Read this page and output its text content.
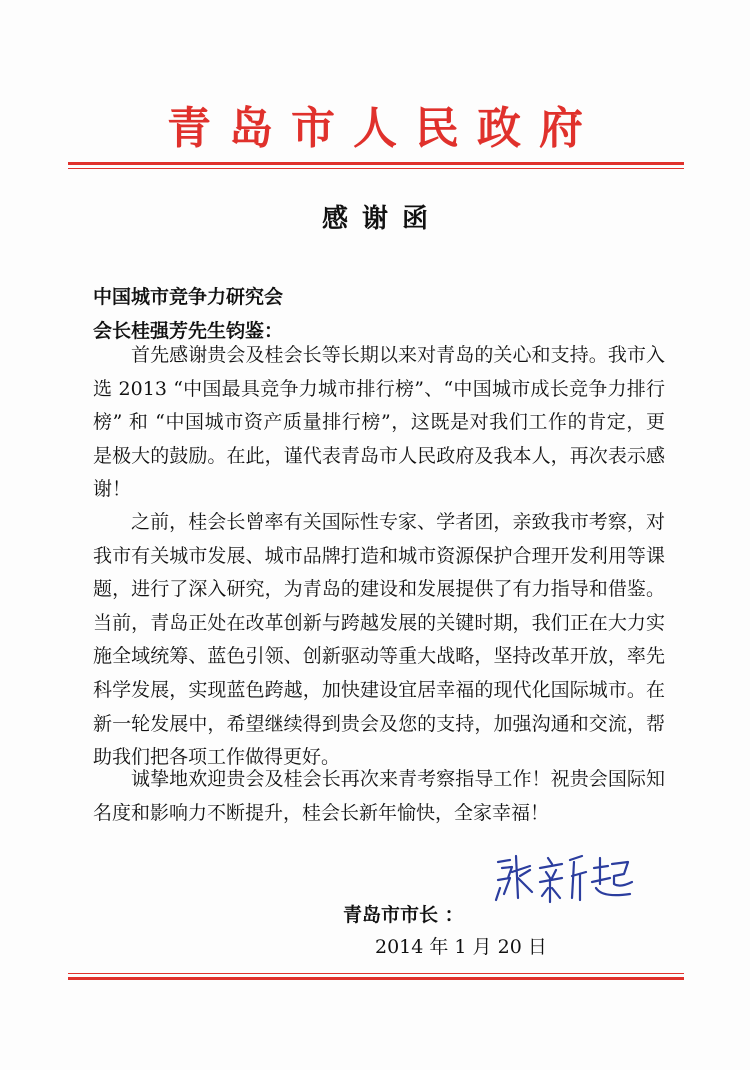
青岛市人民政府
感谢函
中国城市竞争力研究会
会长桂强芳先生钧鉴：

首先感谢贵会及桂会长等长期以来对青岛的关心和支持。我市入选 2013 “中国最具竞争力城市排行榜”、“中国城市成长竞争力排行榜” 和 “中国城市资产质量排行榜”，这既是对我们工作的肯定，更是极大的鼓励。在此，谨代表青岛市人民政府及我本人，再次表示感谢！

之前，桂会长曾率有关国际性专家、学者团，亲致我市考察，对我市有关城市发展、城市品牌打造和城市资源保护合理开发利用等课题，进行了深入研究，为青岛的建设和发展提供了有力指导和借鉴。当前，青岛正处在改革创新与跨越发展的关键时期，我们正在大力实施全域统筹、蓝色引领、创新驱动等重大战略，坚持改革开放，率先科学发展，实现蓝色跨越，加快建设宜居幸福的现代化国际城市。在新一轮发展中，希望继续得到贵会及您的支持，加强沟通和交流，帮助我们把各项工作做得更好。

诚挚地欢迎贵会及桂会长再次来青考察指导工作！祝贵会国际知名度和影响力不断提升，桂会长新年愉快，全家幸福！

青岛市市长 ：
2014 年 1 月 20 日
